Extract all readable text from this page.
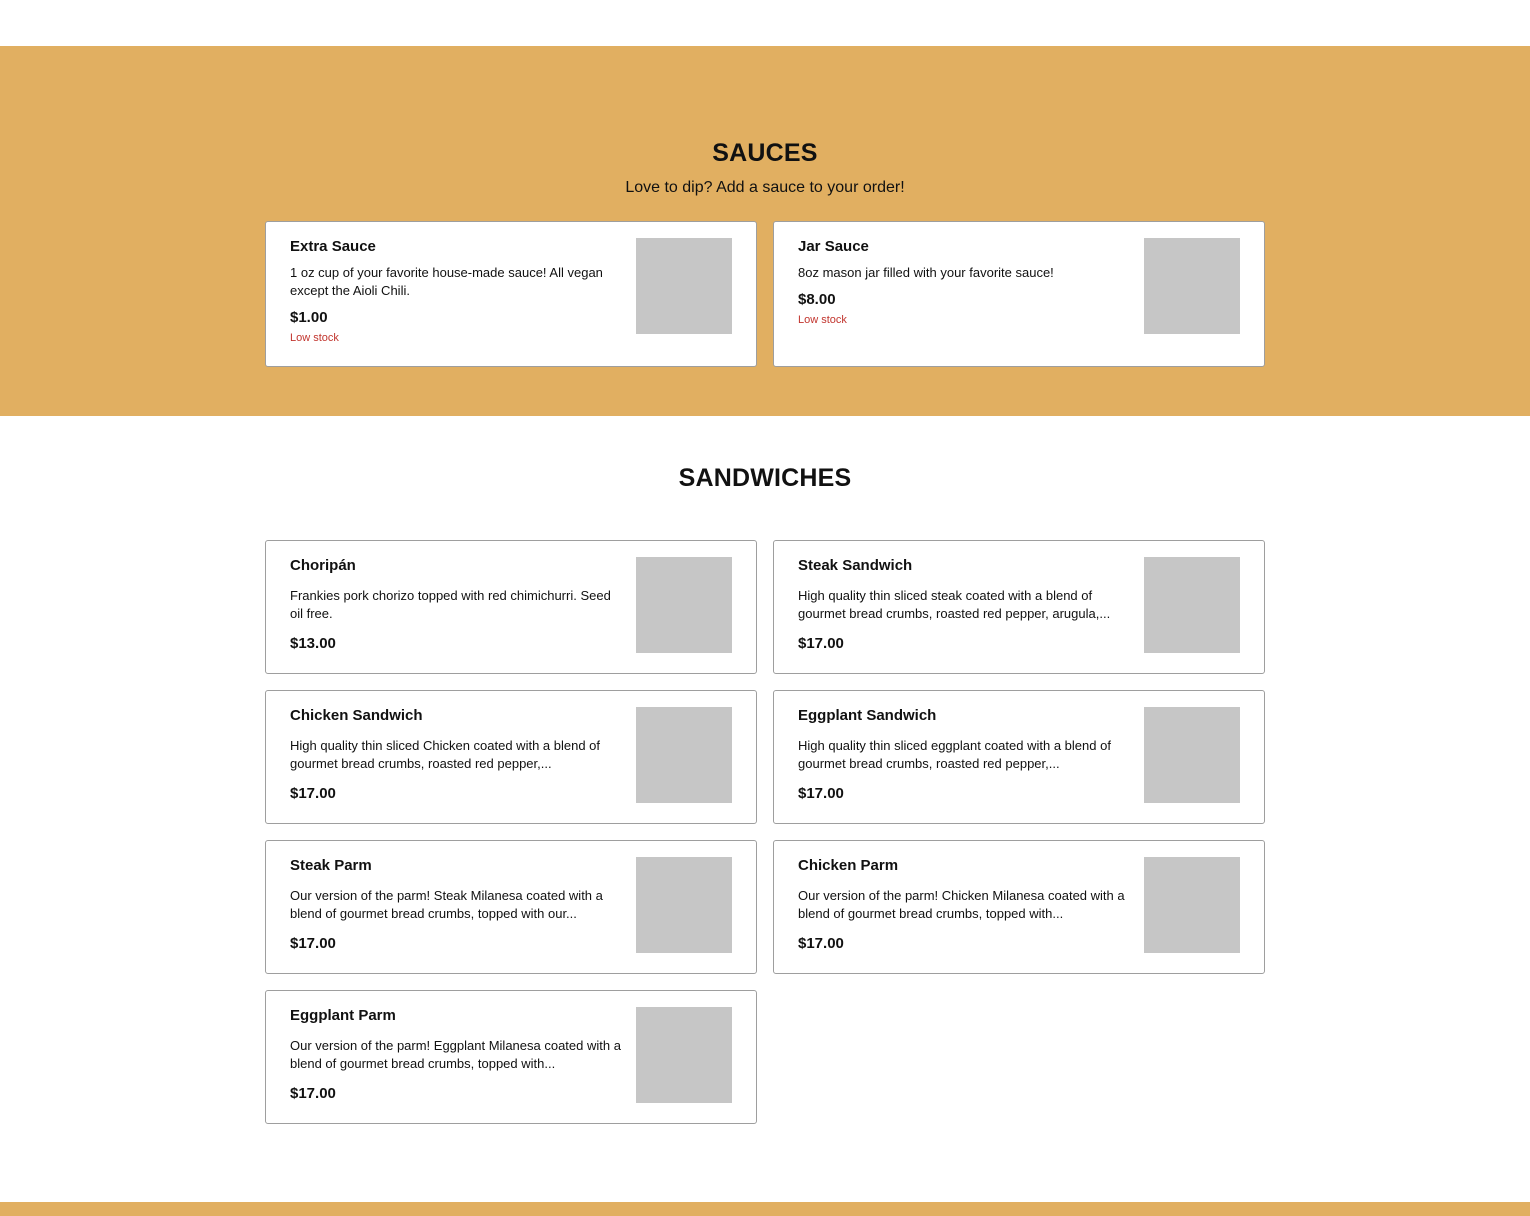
SAUCES

Love to dip? Add a sauce to your order!

Extra Sauce
1 oz cup of your favorite house-made sauce! All vegan except the Aioli Chili.
$1.00
Low stock
Jar Sauce
8oz mason jar filled with your favorite sauce!
$8.00
Low stock
SANDWICHES
Choripán
Frankies pork chorizo topped with red chimichurri. Seed oil free.
$13.00
Steak Sandwich
High quality thin sliced steak coated with a blend of gourmet bread crumbs, roasted red pepper, arugula,...
$17.00
Chicken Sandwich
High quality thin sliced Chicken coated with a blend of gourmet bread crumbs, roasted red pepper,...
$17.00
Eggplant Sandwich
High quality thin sliced eggplant coated with a blend of gourmet bread crumbs, roasted red pepper,...
$17.00
Steak Parm
Our version of the parm! Steak Milanesa coated with a blend of gourmet bread crumbs, topped with our...
$17.00
Chicken Parm
Our version of the parm! Chicken Milanesa coated with a blend of gourmet bread crumbs, topped with...
$17.00
Eggplant Parm
Our version of the parm! Eggplant Milanesa coated with a blend of gourmet bread crumbs, topped with...
$17.00
